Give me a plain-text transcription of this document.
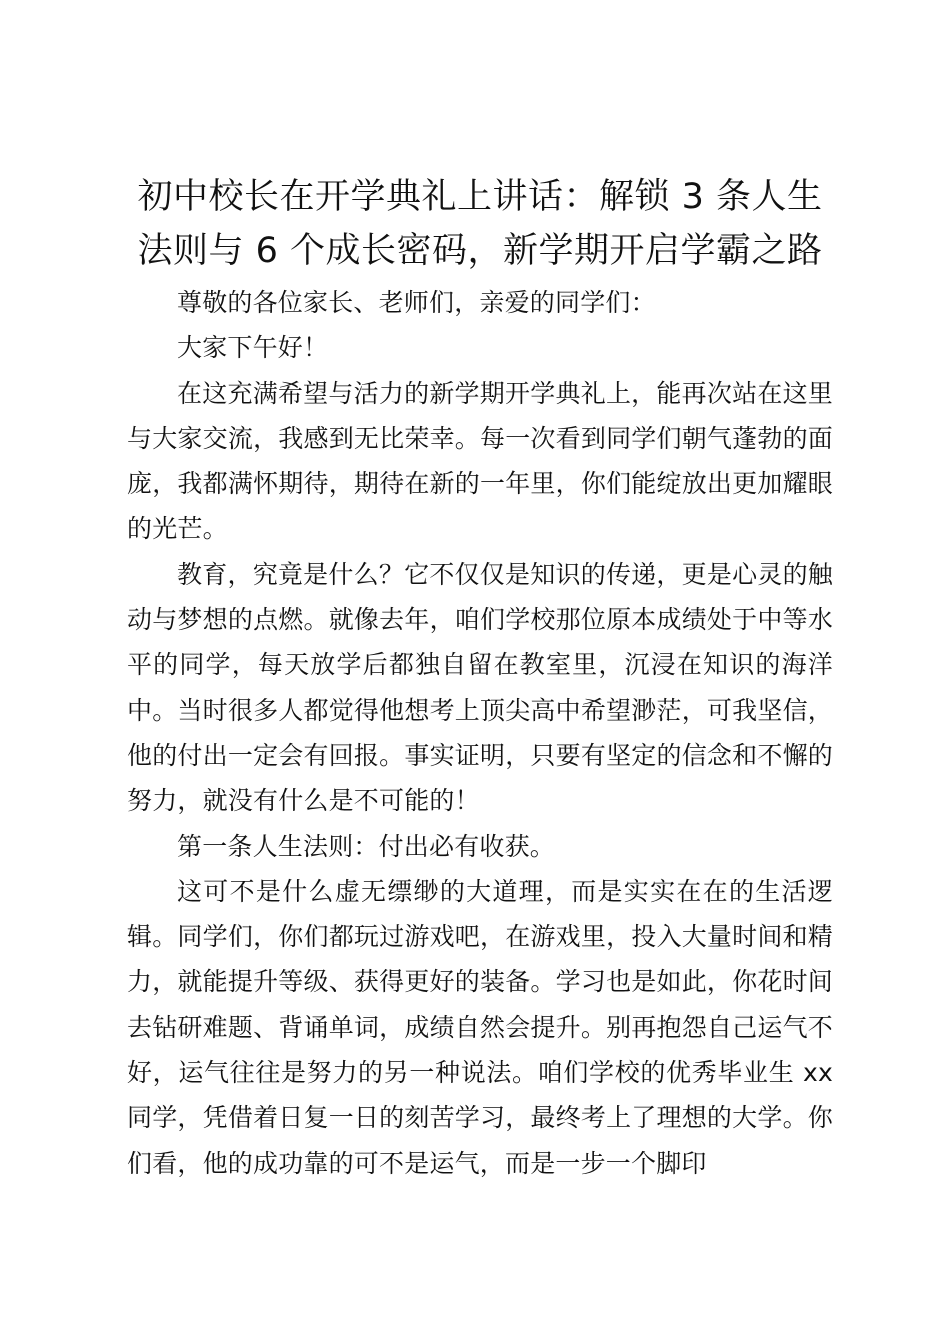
初中校长在开学典礼上讲话：解锁 3 条人生
法则与 6 个成长密码，新学期开启学霸之路

尊敬的各位家长、老师们，亲爱的同学们：

大家下午好！

在这充满希望与活力的新学期开学典礼上，能再次站在这里与大家交流，我感到无比荣幸。每一次看到同学们朝气蓬勃的面庞，我都满怀期待，期待在新的一年里，你们能绽放出更加耀眼的光芒。

教育，究竟是什么？它不仅仅是知识的传递，更是心灵的触动与梦想的点燃。就像去年，咱们学校那位原本成绩处于中等水平的同学，每天放学后都独自留在教室里，沉浸在知识的海洋中。当时很多人都觉得他想考上顶尖高中希望渺茫，可我坚信，他的付出一定会有回报。事实证明，只要有坚定的信念和不懈的努力，就没有什么是不可能的！

第一条人生法则：付出必有收获。

这可不是什么虚无缥缈的大道理，而是实实在在的生活逻辑。同学们，你们都玩过游戏吧，在游戏里，投入大量时间和精力，就能提升等级、获得更好的装备。学习也是如此，你花时间去钻研难题、背诵单词，成绩自然会提升。别再抱怨自己运气不好，运气往往是努力的另一种说法。咱们学校的优秀毕业生 xx 同学，凭借着日复一日的刻苦学习，最终考上了理想的大学。你们看，他的成功靠的可不是运气，而是一步一个脚印
